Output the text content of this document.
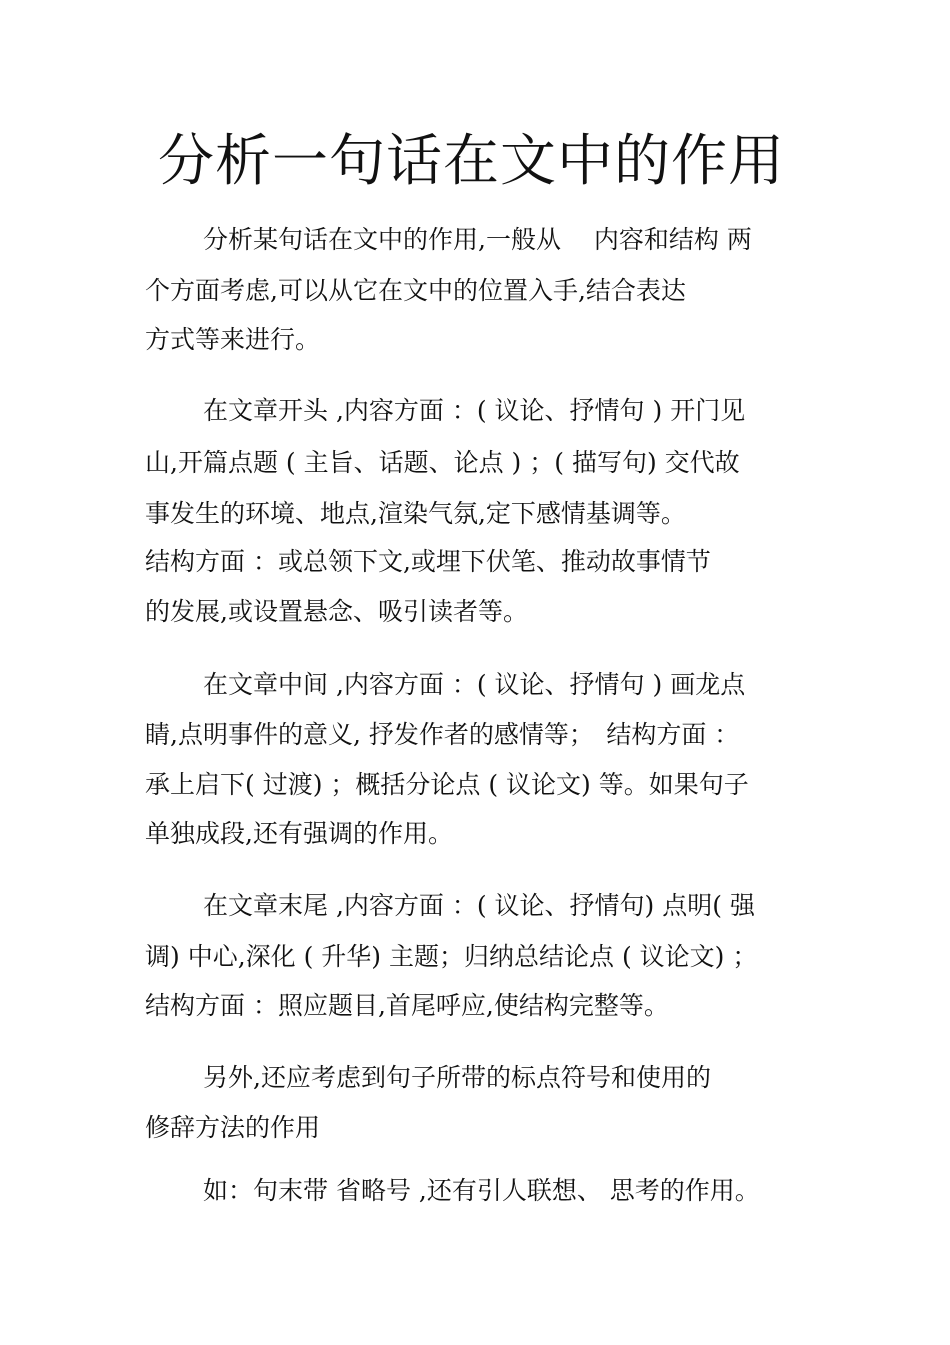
分析一句话在文中的作用

分析某句话在文中的作用,一般从　 内容和结构 两

个方面考虑,可以从它在文中的位置入手,结合表达

方式等来进行。

在文章开头 ,内容方面 ：( 议论、抒情句 ) 开门见

山,开篇点题 ( 主旨、话题、论点 ) ；( 描写句) 交代故

事发生的环境、地点,渲染气氛,定下感情基调等。

结构方面 ：或总领下文,或埋下伏笔、推动故事情节

的发展,或设置悬念、吸引读者等。

在文章中间 ,内容方面 ：( 议论、抒情句 ) 画龙点

睛,点明事件的意义, 抒发作者的感情等；　结构方面 ：

承上启下( 过渡) ；概括分论点 ( 议论文) 等。如果句子

单独成段,还有强调的作用。

在文章末尾 ,内容方面 ：( 议论、抒情句) 点明( 强

调) 中心,深化 ( 升华) 主题；归纳总结论点 ( 议论文) ；

结构方面 ：照应题目,首尾呼应,使结构完整等。

另外,还应考虑到句子所带的标点符号和使用的

修辞方法的作用

如：句末带 省略号 ,还有引人联想、 思考的作用。
